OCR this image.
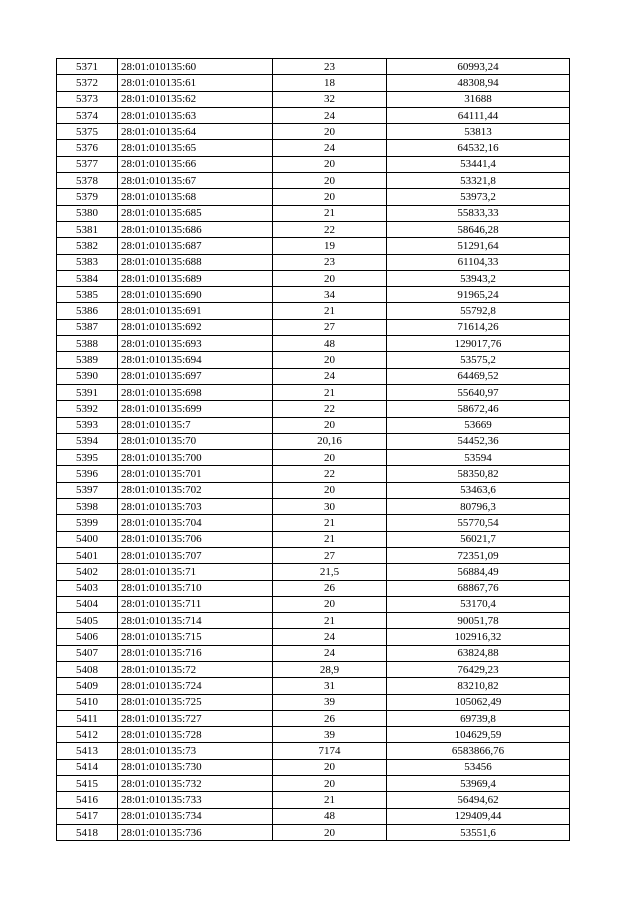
5371	28:01:010135:60	23	60993,24
5372	28:01:010135:61	18	48308,94
5373	28:01:010135:62	32	31688
5374	28:01:010135:63	24	64111,44
5375	28:01:010135:64	20	53813
5376	28:01:010135:65	24	64532,16
5377	28:01:010135:66	20	53441,4
5378	28:01:010135:67	20	53321,8
5379	28:01:010135:68	20	53973,2
5380	28:01:010135:685	21	55833,33
5381	28:01:010135:686	22	58646,28
5382	28:01:010135:687	19	51291,64
5383	28:01:010135:688	23	61104,33
5384	28:01:010135:689	20	53943,2
5385	28:01:010135:690	34	91965,24
5386	28:01:010135:691	21	55792,8
5387	28:01:010135:692	27	71614,26
5388	28:01:010135:693	48	129017,76
5389	28:01:010135:694	20	53575,2
5390	28:01:010135:697	24	64469,52
5391	28:01:010135:698	21	55640,97
5392	28:01:010135:699	22	58672,46
5393	28:01:010135:7	20	53669
5394	28:01:010135:70	20,16	54452,36
5395	28:01:010135:700	20	53594
5396	28:01:010135:701	22	58350,82
5397	28:01:010135:702	20	53463,6
5398	28:01:010135:703	30	80796,3
5399	28:01:010135:704	21	55770,54
5400	28:01:010135:706	21	56021,7
5401	28:01:010135:707	27	72351,09
5402	28:01:010135:71	21,5	56884,49
5403	28:01:010135:710	26	68867,76
5404	28:01:010135:711	20	53170,4
5405	28:01:010135:714	21	90051,78
5406	28:01:010135:715	24	102916,32
5407	28:01:010135:716	24	63824,88
5408	28:01:010135:72	28,9	76429,23
5409	28:01:010135:724	31	83210,82
5410	28:01:010135:725	39	105062,49
5411	28:01:010135:727	26	69739,8
5412	28:01:010135:728	39	104629,59
5413	28:01:010135:73	7174	6583866,76
5414	28:01:010135:730	20	53456
5415	28:01:010135:732	20	53969,4
5416	28:01:010135:733	21	56494,62
5417	28:01:010135:734	48	129409,44
5418	28:01:010135:736	20	53551,6
